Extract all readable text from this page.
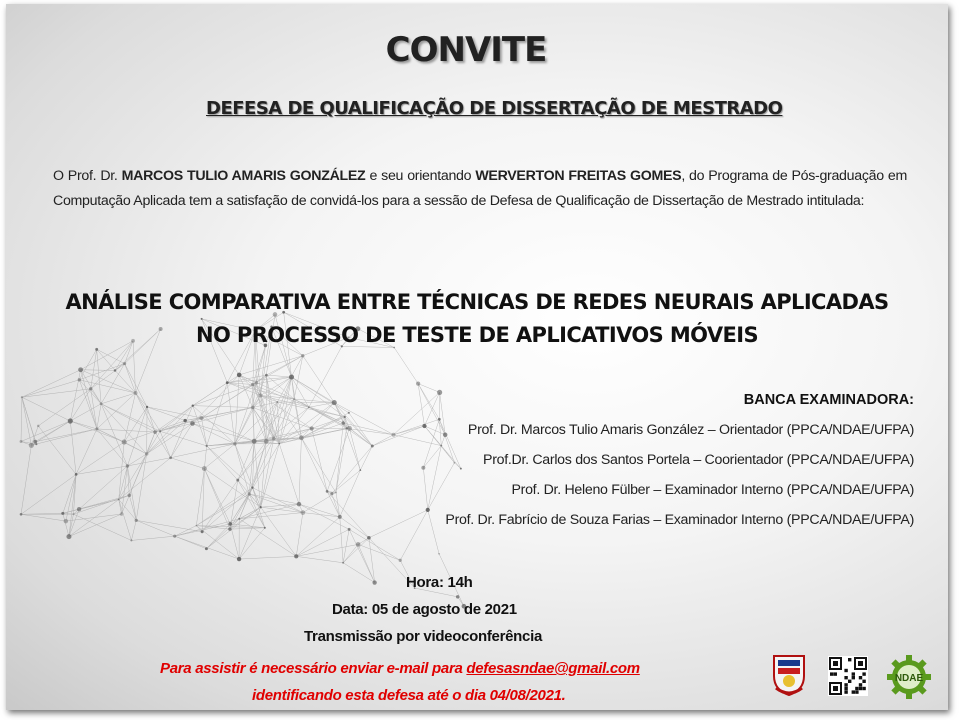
CONVITE
DEFESA DE QUALIFICAÇÃO DE DISSERTAÇÃO DE MESTRADO
O Prof. Dr. MARCOS TULIO AMARIS GONZÁLEZ e seu orientando WERVERTON FREITAS GOMES, do Programa de Pós-graduação em Computação Aplicada tem a satisfação de convidá-los para a sessão de Defesa de Qualificação de Dissertação de Mestrado intitulada:
ANÁLISE COMPARATIVA ENTRE TÉCNICAS DE REDES NEURAIS APLICADAS
NO PROCESSO DE TESTE DE APLICATIVOS MÓVEIS
BANCA EXAMINADORA:
Prof. Dr. Marcos Tulio Amaris González – Orientador (PPCA/NDAE/UFPA)
Prof.Dr. Carlos dos Santos Portela – Coorientador (PPCA/NDAE/UFPA)
Prof. Dr. Heleno Fülber – Examinador Interno (PPCA/NDAE/UFPA)
Prof. Dr. Fabrício de Souza Farias – Examinador Interno (PPCA/NDAE/UFPA)
Hora: 14h
Data: 05 de agosto de 2021
Transmissão por videoconferência
Para assistir é necessário enviar e-mail para defesasndae@gmail.com
identificando esta defesa até o dia 04/08/2021.
NDAE
